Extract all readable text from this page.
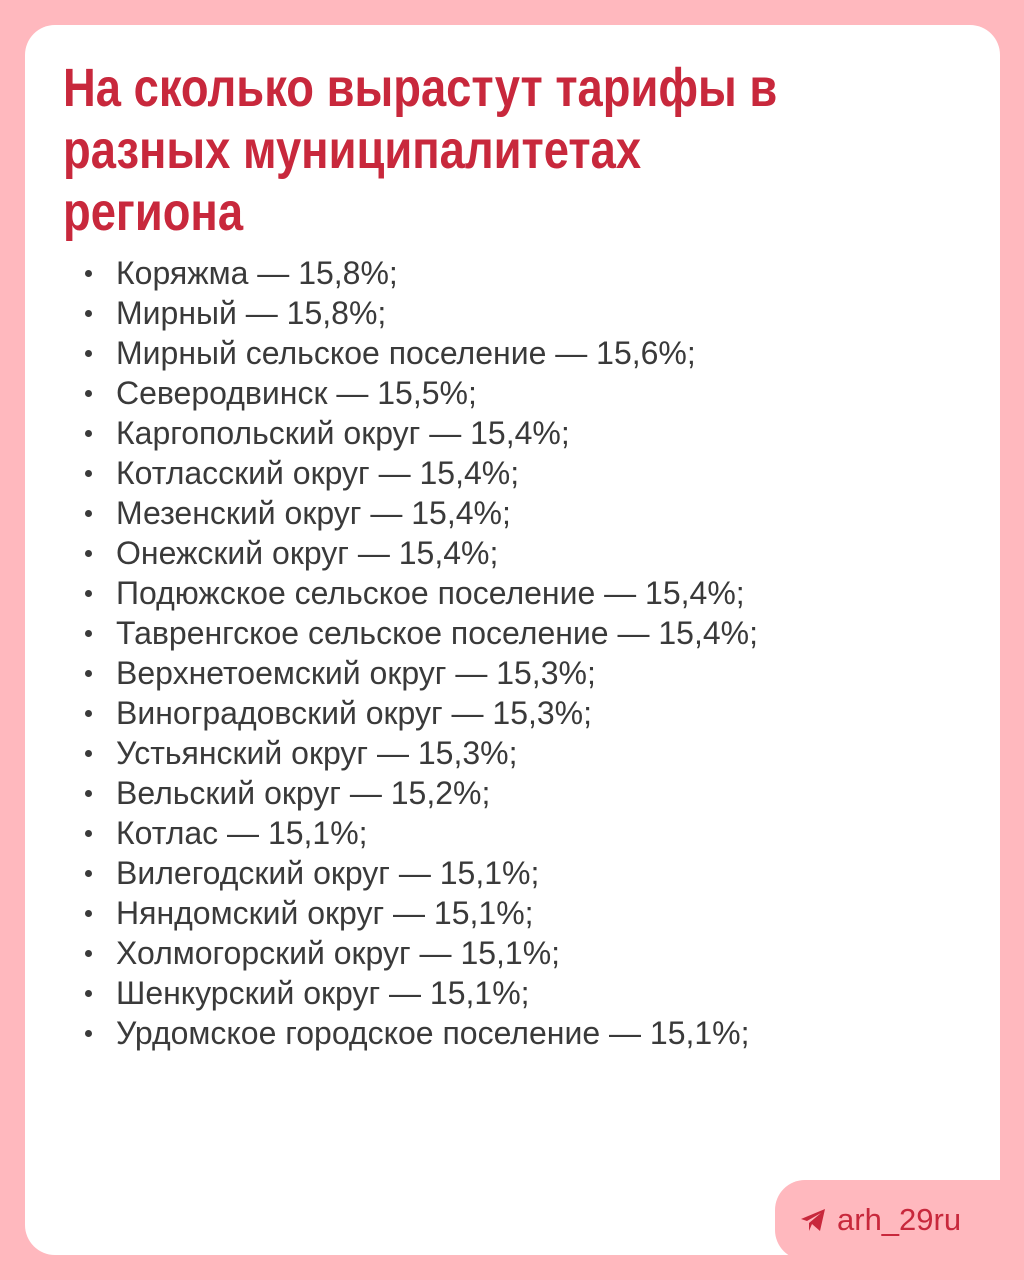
На сколько вырастут тарифы в разных муниципалитетах региона
Коряжма — 15,8%;
Мирный — 15,8%;
Мирный сельское поселение — 15,6%;
Северодвинск — 15,5%;
Каргопольский округ — 15,4%;
Котласский округ — 15,4%;
Мезенский округ — 15,4%;
Онежский округ — 15,4%;
Подюжское сельское поселение — 15,4%;
Тавренгское сельское поселение — 15,4%;
Верхнетоемский округ — 15,3%;
Виноградовский округ — 15,3%;
Устьянский округ — 15,3%;
Вельский округ — 15,2%;
Котлас — 15,1%;
Вилегодский округ — 15,1%;
Няндомский округ — 15,1%;
Холмогорский округ — 15,1%;
Шенкурский округ — 15,1%;
Урдомское городское поселение — 15,1%;
arh_29ru
